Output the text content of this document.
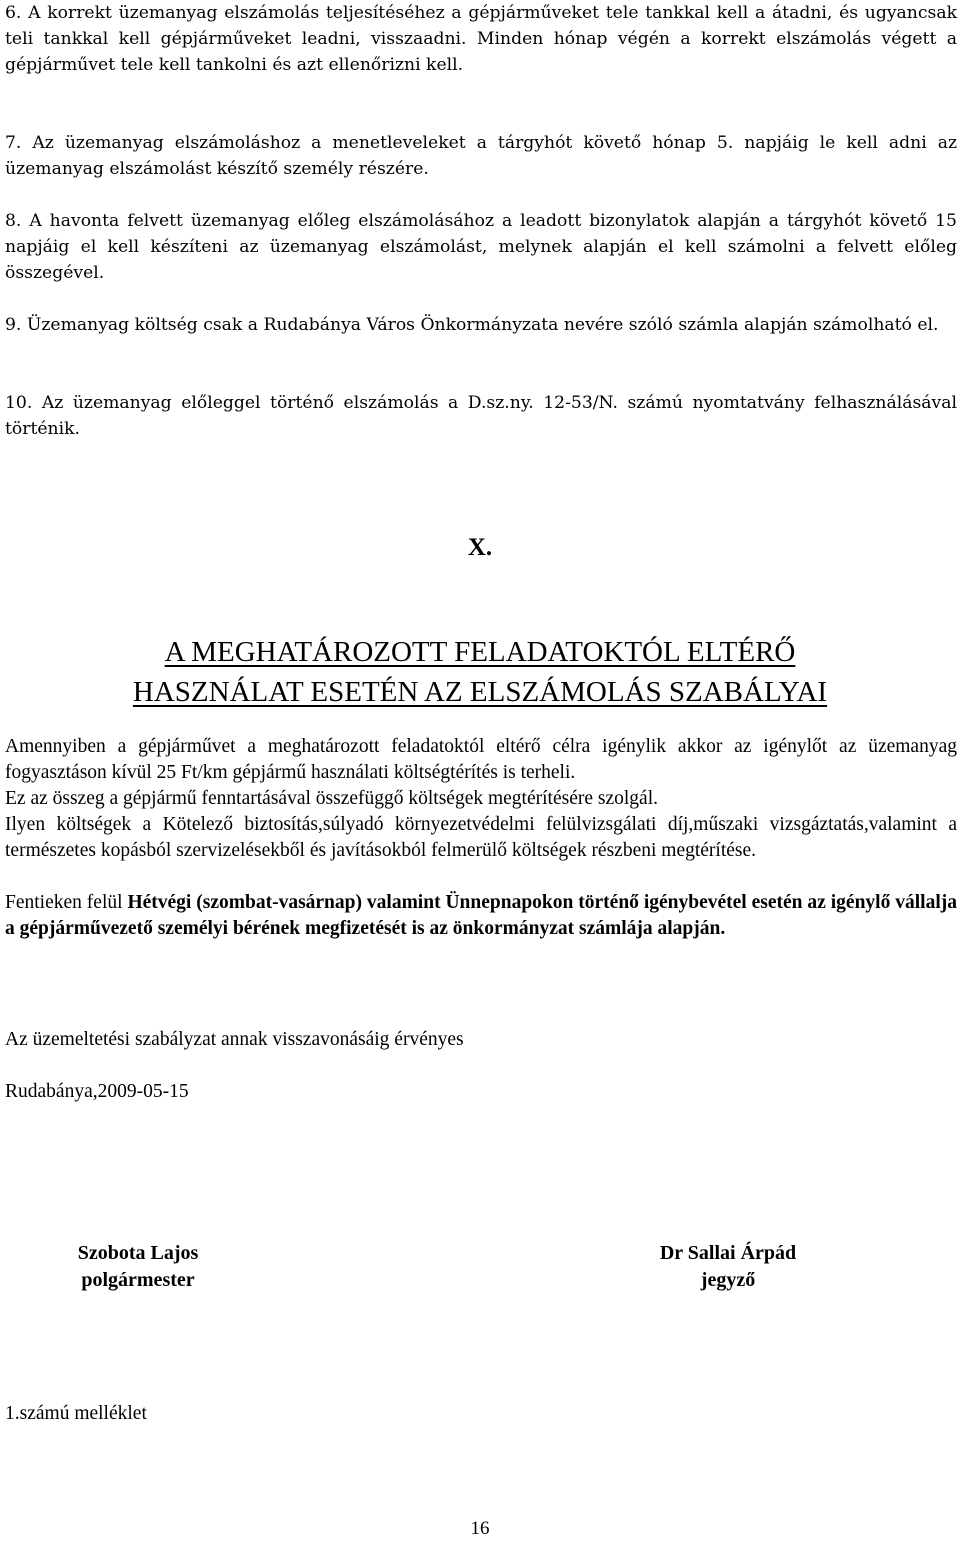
6. A korrekt üzemanyag elszámolás teljesítéséhez a gépjárműveket tele tankkal kell a átadni, és ugyancsak teli tankkal kell gépjárműveket leadni, visszaadni. Minden hónap végén a korrekt elszámolás végett a gépjárművet tele kell tankolni és azt ellenőrizni kell.

7. Az üzemanyag elszámoláshoz a menetleveleket a tárgyhót követő hónap 5. napjáig le kell adni az üzemanyag elszámolást készítő személy részére.

8. A havonta felvett üzemanyag előleg elszámolásához a leadott bizonylatok alapján a tárgyhót követő 15 napjáig el kell készíteni az üzemanyag elszámolást, melynek alapján el kell számolni a felvett előleg összegével.

9. Üzemanyag költség csak a Rudabánya Város Önkormányzata nevére szóló számla alapján számolható el.

10. Az üzemanyag előleggel történő elszámolás a D.sz.ny. 12-53/N. számú nyomtatvány felhasználásával történik.

X.
A MEGHATÁROZOTT FELADATOKTÓL ELTÉRŐ
HASZNÁLAT ESETÉN AZ ELSZÁMOLÁS SZABÁLYAI

Amennyiben a gépjárművet a meghatározott feladatoktól eltérő célra igénylik akkor az igénylőt az üzemanyag fogyasztáson kívül 25 Ft/km gépjármű használati költségtérítés is terheli.

Ez az összeg a gépjármű fenntartásával összefüggő költségek megtérítésére szolgál.

Ilyen költségek a Kötelező biztosítás,súlyadó környezetvédelmi felülvizsgálati díj,műszaki vizsgáztatás,valamint a természetes kopásból szervizelésekből és javításokból felmerülő költségek részbeni megtérítése.

Fentieken felül Hétvégi (szombat-vasárnap) valamint Ünnepnapokon történő igénybevétel esetén az igénylő vállalja a gépjárművezető személyi bérének megfizetését is az önkormányzat számlája alapján.

Az üzemeltetési szabályzat annak visszavonásáig érvényes

Rudabánya,2009-05-15

Szobota Lajos
polgármester
Dr Sallai Árpád
jegyző

1.számú melléklet

16
